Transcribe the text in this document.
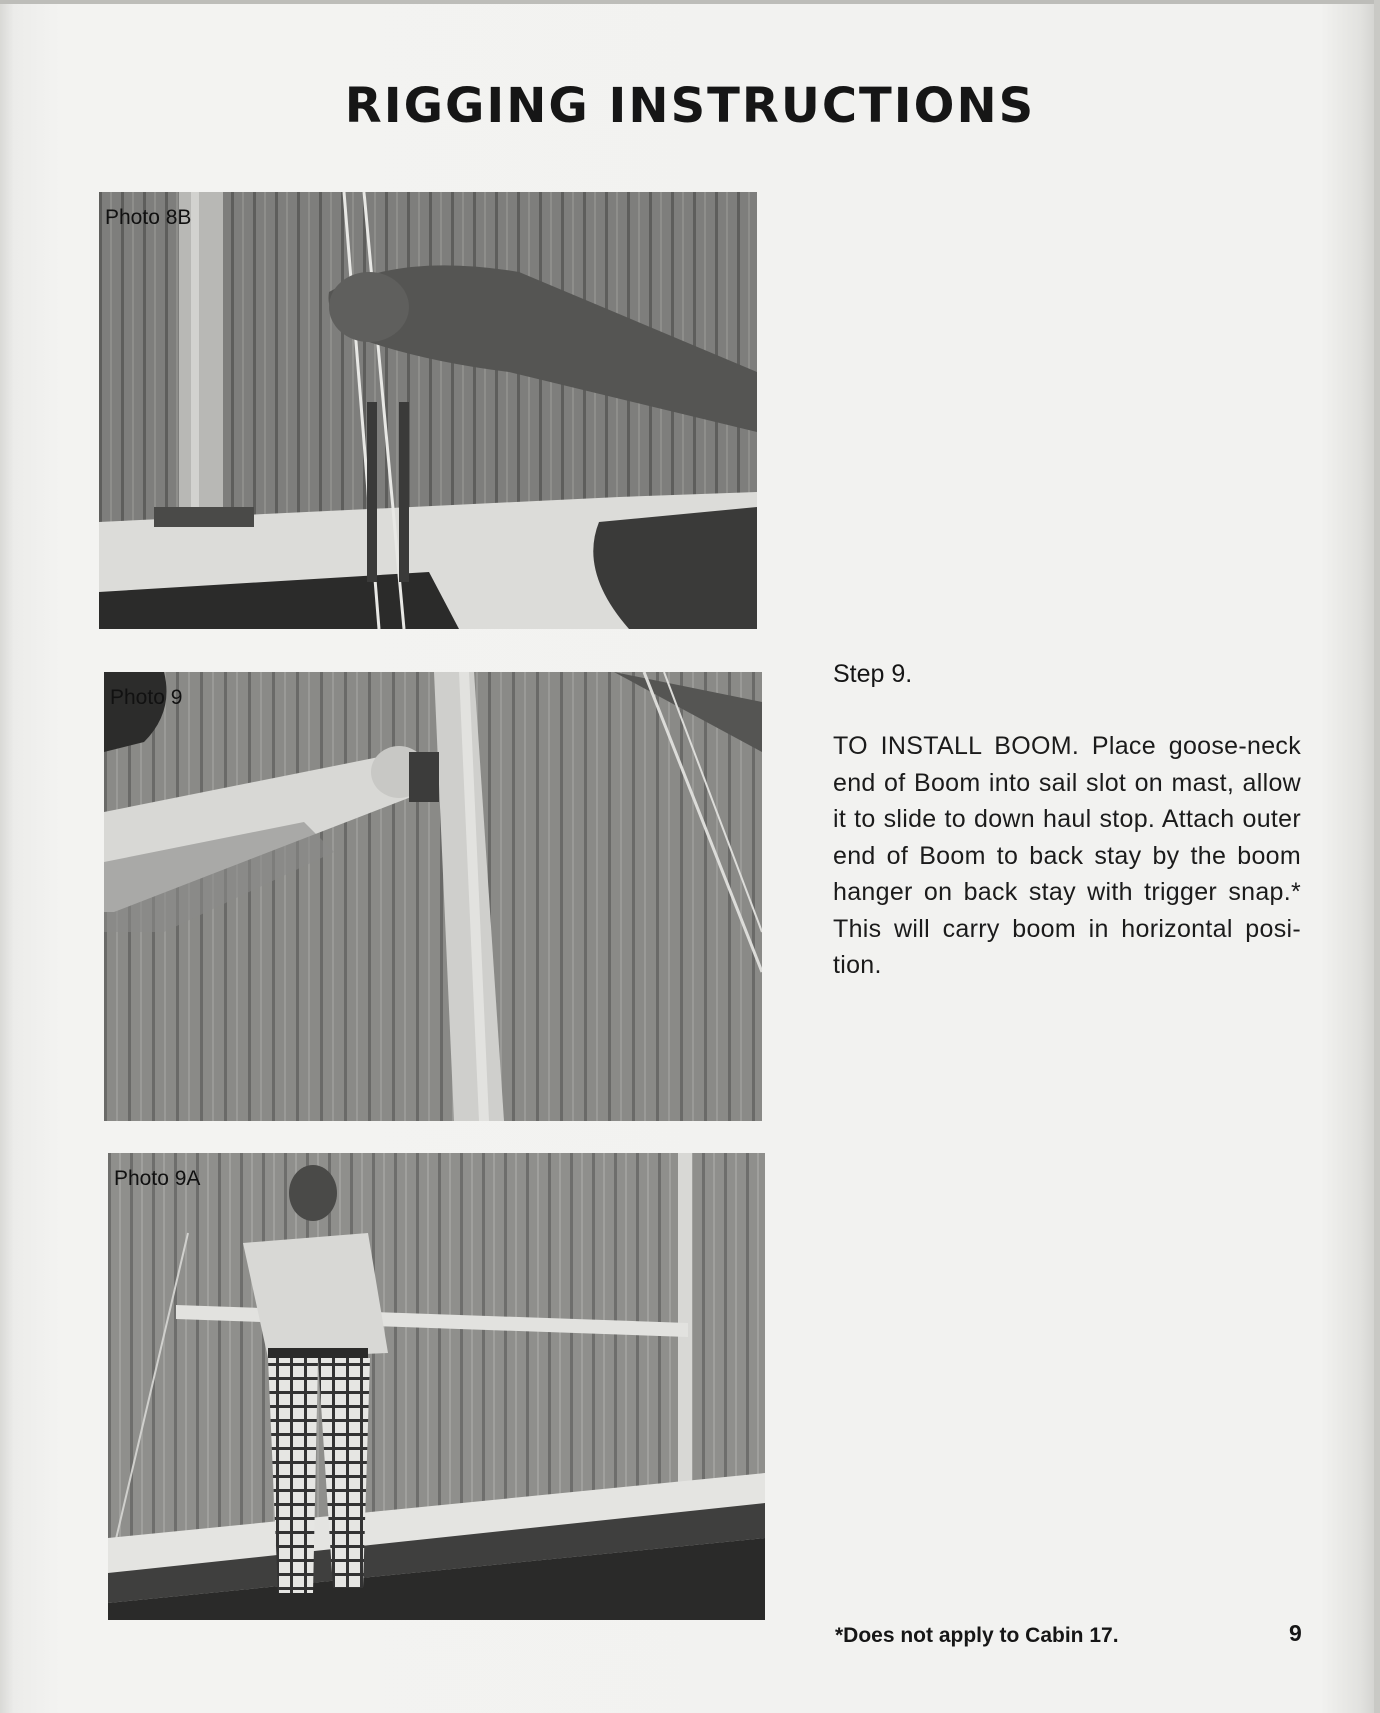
RIGGING INSTRUCTIONS
Photo 8B
Photo 9
Photo 9A
Step 9.
TO INSTALL BOOM. Place goose-neck end of Boom into sail slot on mast, allow it to slide to down haul stop. Attach outer end of Boom to back stay by the boom hanger on back stay with trigger snap.* This will carry boom in horizontal posi-tion.
*Does not apply to Cabin 17.	9
